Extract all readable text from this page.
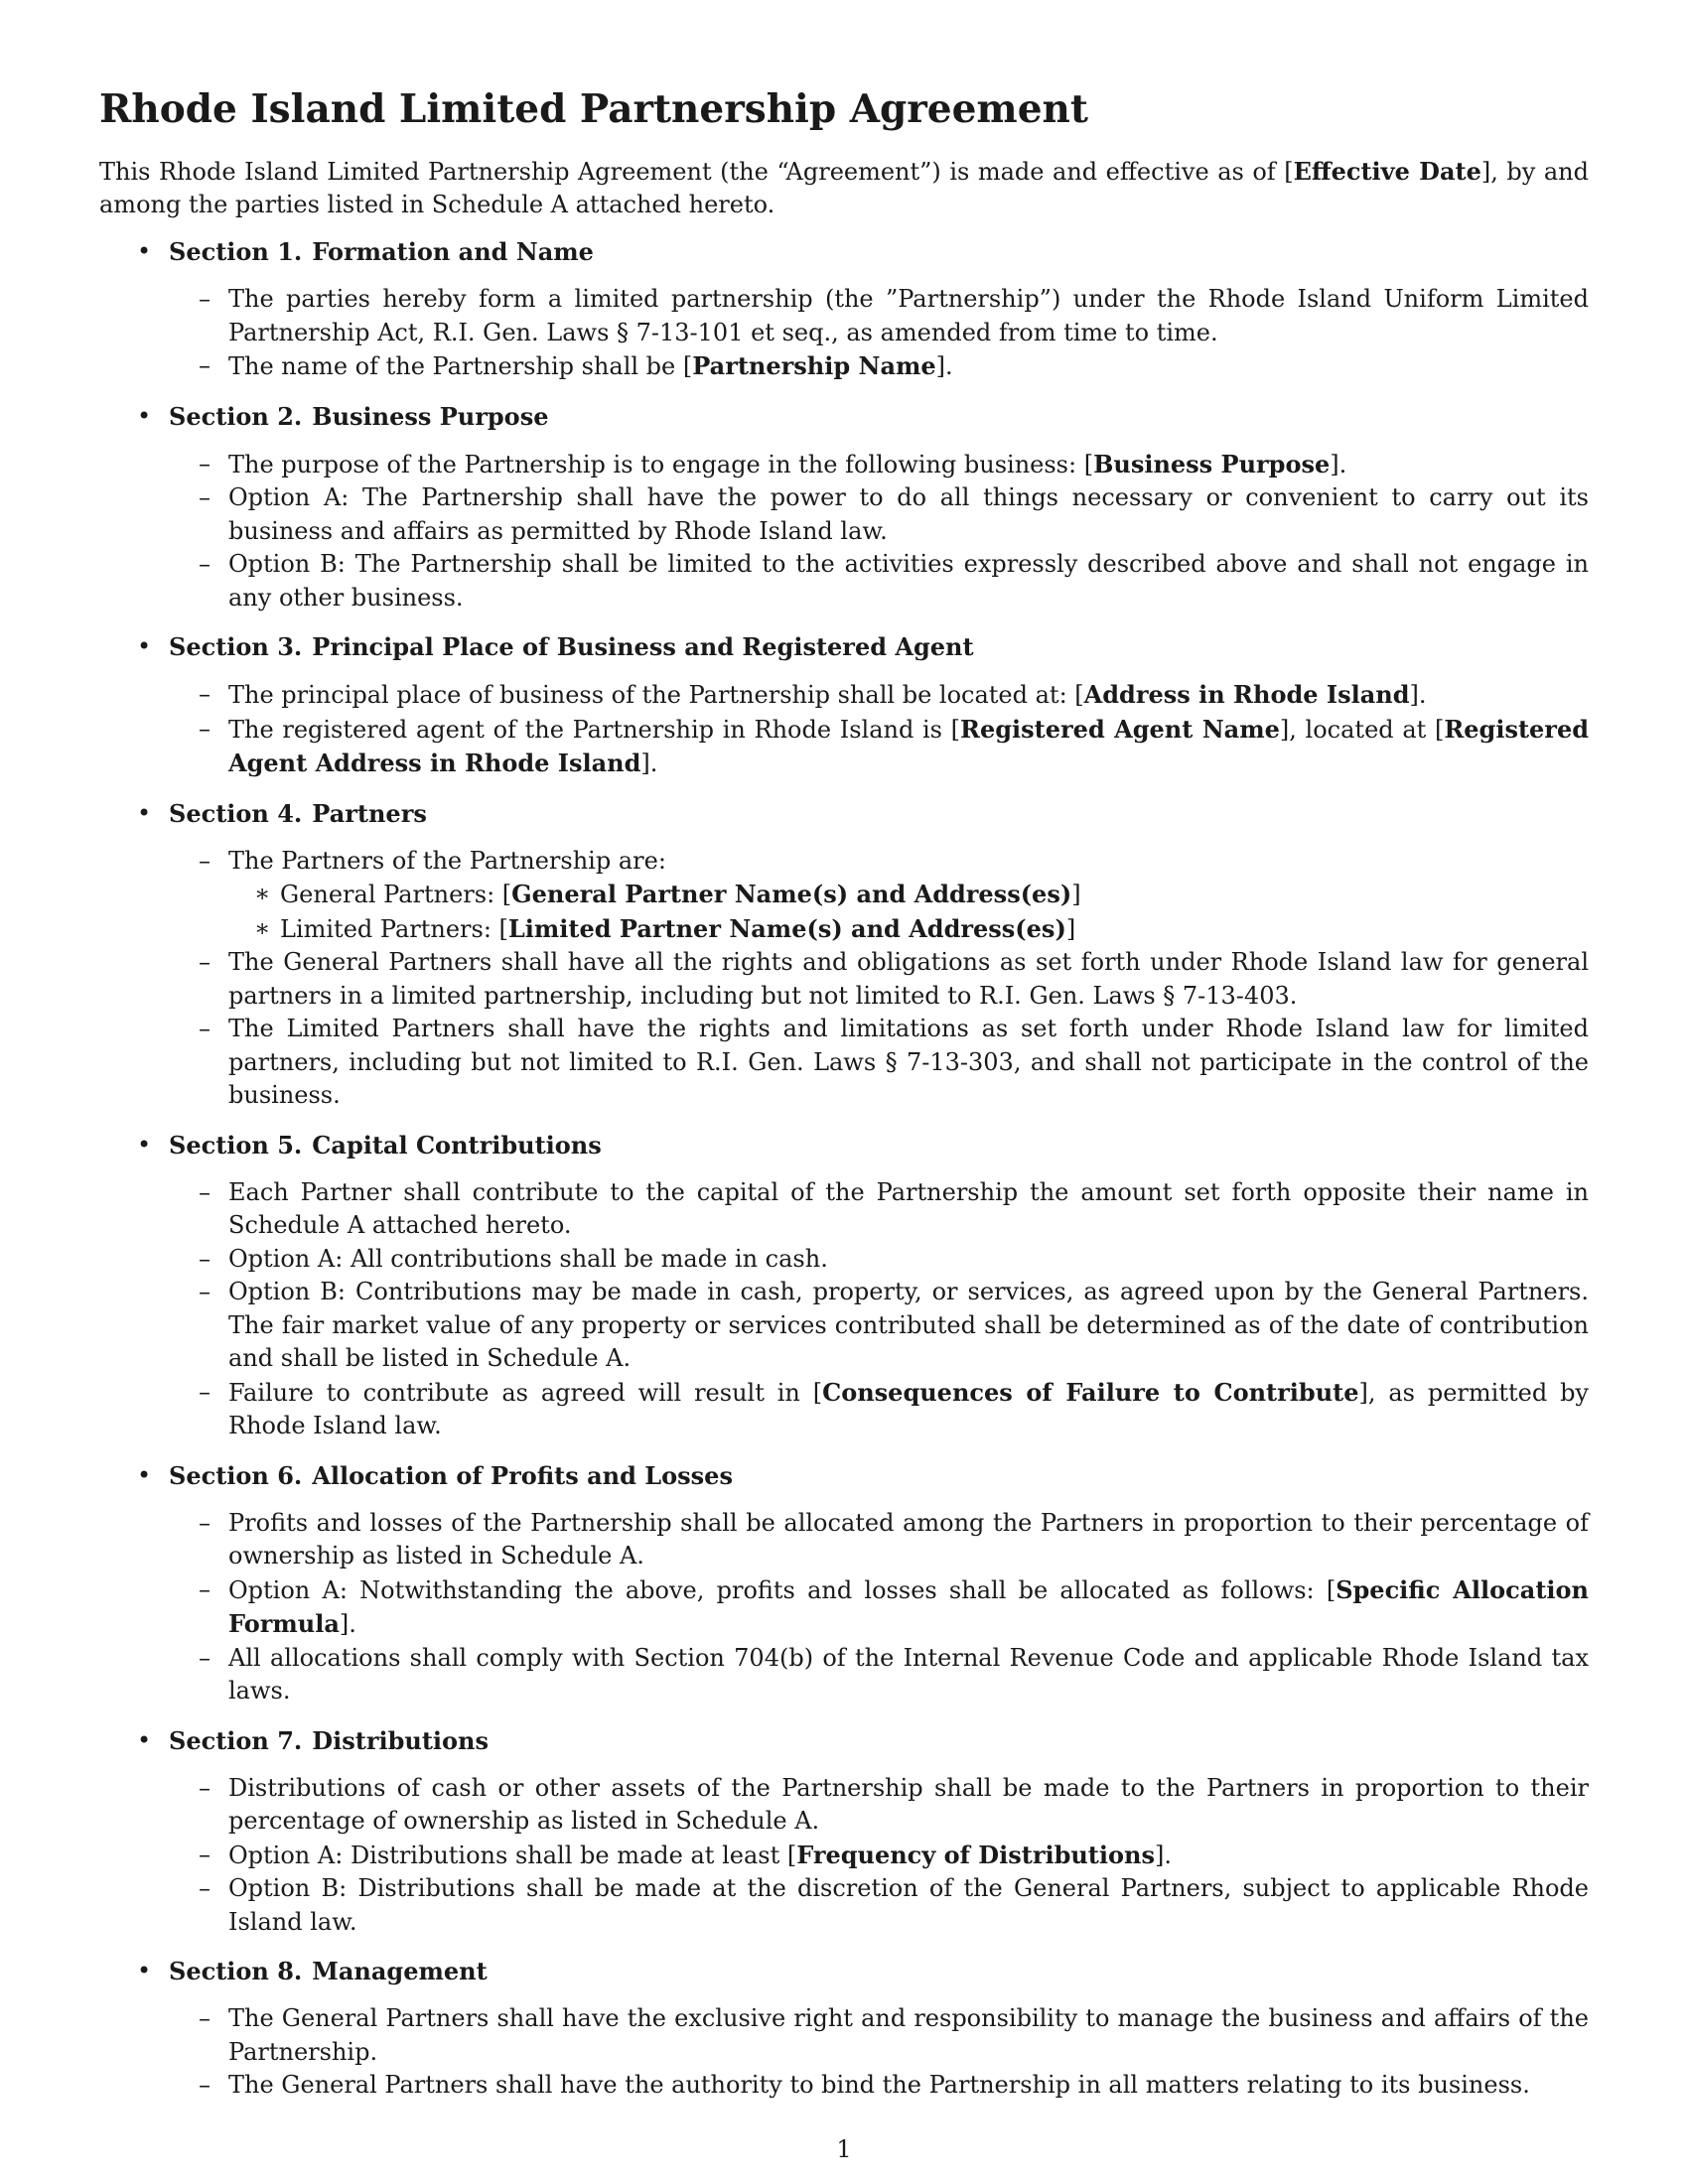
Rhode Island Limited Partnership Agreement

This Rhode Island Limited Partnership Agreement (the “Agreement”) is made and effective as of [Effective Date], by and among the parties listed in Schedule A attached hereto.

• Section 1. Formation and Name
– The parties hereby form a limited partnership (the ”Partnership”) under the Rhode Island Uniform Limited Partnership Act, R.I. Gen. Laws § 7-13-101 et seq., as amended from time to time.
– The name of the Partnership shall be [Partnership Name].
• Section 2. Business Purpose
– The purpose of the Partnership is to engage in the following business: [Business Purpose].
– Option A: The Partnership shall have the power to do all things necessary or convenient to carry out its business and affairs as permitted by Rhode Island law.
– Option B: The Partnership shall be limited to the activities expressly described above and shall not engage in any other business.
• Section 3. Principal Place of Business and Registered Agent
– The principal place of business of the Partnership shall be located at: [Address in Rhode Island].
– The registered agent of the Partnership in Rhode Island is [Registered Agent Name], located at [Registered Agent Address in Rhode Island].
• Section 4. Partners
– The Partners of the Partnership are:
∗ General Partners: [General Partner Name(s) and Address(es)]
∗ Limited Partners: [Limited Partner Name(s) and Address(es)]
– The General Partners shall have all the rights and obligations as set forth under Rhode Island law for general partners in a limited partnership, including but not limited to R.I. Gen. Laws § 7-13-403.
– The Limited Partners shall have the rights and limitations as set forth under Rhode Island law for limited partners, including but not limited to R.I. Gen. Laws § 7-13-303, and shall not participate in the control of the business.
• Section 5. Capital Contributions
– Each Partner shall contribute to the capital of the Partnership the amount set forth opposite their name in Schedule A attached hereto.
– Option A: All contributions shall be made in cash.
– Option B: Contributions may be made in cash, property, or services, as agreed upon by the General Partners. The fair market value of any property or services contributed shall be determined as of the date of contribution and shall be listed in Schedule A.
– Failure to contribute as agreed will result in [Consequences of Failure to Contribute], as permitted by Rhode Island law.
• Section 6. Allocation of Profits and Losses
– Profits and losses of the Partnership shall be allocated among the Partners in proportion to their percentage of ownership as listed in Schedule A.
– Option A: Notwithstanding the above, profits and losses shall be allocated as follows: [Specific Allocation Formula].
– All allocations shall comply with Section 704(b) of the Internal Revenue Code and applicable Rhode Island tax laws.
• Section 7. Distributions
– Distributions of cash or other assets of the Partnership shall be made to the Partners in proportion to their percentage of ownership as listed in Schedule A.
– Option A: Distributions shall be made at least [Frequency of Distributions].
– Option B: Distributions shall be made at the discretion of the General Partners, subject to applicable Rhode Island law.
• Section 8. Management
– The General Partners shall have the exclusive right and responsibility to manage the business and affairs of the Partnership.
– The General Partners shall have the authority to bind the Partnership in all matters relating to its business.
1
